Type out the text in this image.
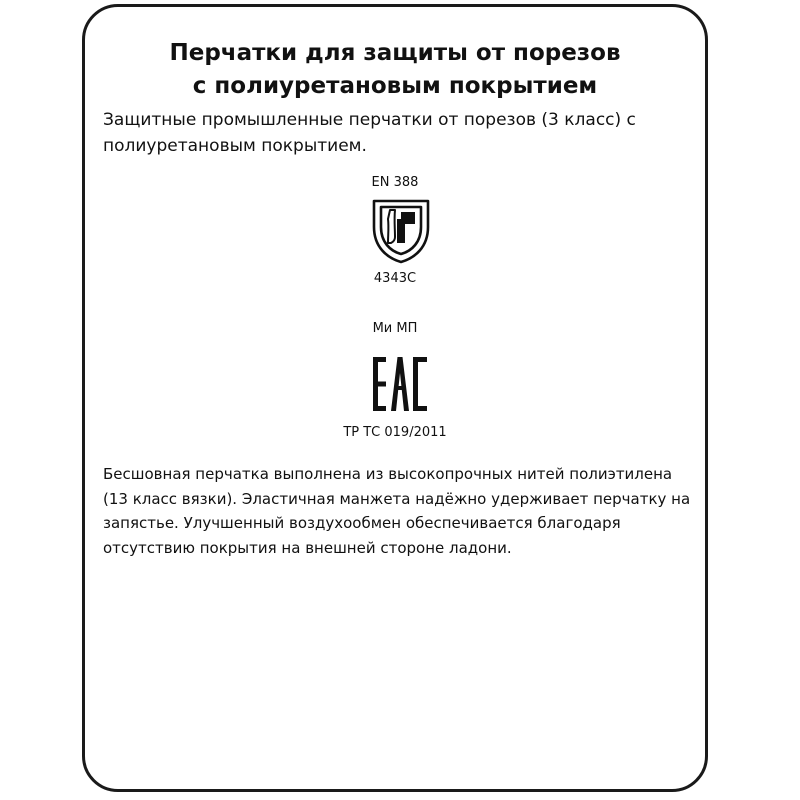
Перчатки для защиты от порезов
с полиуретановым покрытием
Защитные промышленные перчатки от порезов (3 класс) с полиуретановым покрытием.
EN 388
4343C
Ми МП
ТР ТС 019/2011
Бесшовная перчатка выполнена из высокопрочных нитей полиэтилена (13 класс вязки). Эластичная манжета надёжно удерживает перчатку на запястье. Улучшенный воздухообмен обеспечивается благодаря отсутствию покрытия на внешней стороне ладони.
